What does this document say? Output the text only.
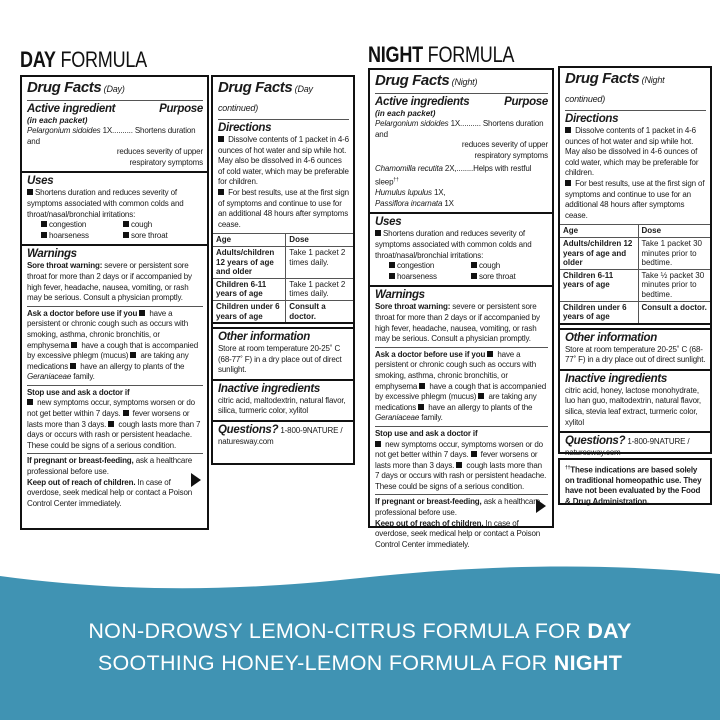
DAY FORMULA
Drug Facts (Day)
Active ingredient	Purpose
(in each packet)
Pelargonium sidoides 1X.......... Shortens duration and
reduces severity of upper
respiratory symptoms
Uses
Shortens duration and reduces severity of symptoms associated with common colds and throat/nasal/bronchial irritations:
congestion	cough
hoarseness	sore throat
Warnings
Sore throat warning: severe or persistent sore throat for more than 2 days or if accompanied by high fever, headache, nausea, vomiting, or rash may be serious. Consult a physician promptly.
Ask a doctor before use if you  have a persistent or chronic cough such as occurs with smoking, asthma, chronic bronchitis, or emphysema  have a cough that is accompanied by excessive phlegm (mucus)  are taking any medications  have an allergy to plants of the Geraniaceae family.
Stop use and ask a doctor if
new symptoms occur, symptoms worsen or do not get better within 7 days.  fever worsens or lasts more than 3 days.  cough lasts more than 7 days or occurs with rash or persistent headache. These could be signs of a serious condition.
If pregnant or breast-feeding, ask a healthcare professional before use.
Keep out of reach of children. In case of overdose, seek medical help or contact a Poison Control Center immediately.
Drug Facts (Day continued)
Directions
Dissolve contents of 1 packet in 4-6 ounces of hot water and sip while hot. May also be dissolved in 4-6 ounces of cold water, which may be preferable for children.
For best results, use at the first sign of symptoms and continue to use for an additional 48 hours after symptoms cease.
Age	Dose
Adults/children 12 years of age and older	Take 1 packet 2 times daily.
Children 6-11 years of age	Take 1 packet 2 times daily.
Children under 6 years of age	Consult a doctor.
Other information
Store at room temperature 20-25˚ C (68-77˚ F) in a dry place out of direct sunlight.
Inactive ingredients
citric acid, maltodextrin, natural flavor, silica, turmeric color, xylitol
Questions? 1-800-9NATURE / naturesway.com
NIGHT FORMULA
Drug Facts (Night)
Active ingredients	Purpose
(in each packet)
Pelargonium sidoides 1X.......... Shortens duration and
reduces severity of upper
respiratory symptoms
Chamomilla recutita 2X,........Helps with restful sleep††
Humulus lupulus 1X,
Passiflora incarnata 1X
Uses
Shortens duration and reduces severity of symptoms associated with common colds and throat/nasal/bronchial irritations:
congestion	cough
hoarseness	sore throat
Warnings
Sore throat warning: severe or persistent sore throat for more than 2 days or if accompanied by high fever, headache, nausea, vomiting, or rash may be serious. Consult a physician promptly.
Ask a doctor before use if you  have a persistent or chronic cough such as occurs with smoking, asthma, chronic bronchitis, or emphysema  have a cough that is accompanied by excessive phlegm (mucus)  are taking any medications  have an allergy to plants of the Geraniaceae family.
Stop use and ask a doctor if
new symptoms occur, symptoms worsen or do not get better within 7 days.  fever worsens or lasts more than 3 days.  cough lasts more than 7 days or occurs with rash or persistent headache. These could be signs of a serious condition.
If pregnant or breast-feeding, ask a healthcare professional before use.
Keep out of reach of children. In case of overdose, seek medical help or contact a Poison Control Center immediately.
Drug Facts (Night continued)
Directions
Dissolve contents of 1 packet in 4-6 ounces of hot water and sip while hot. May also be dissolved in 4-6 ounces of cold water, which may be preferable for children.
For best results, use at the first sign of symptoms and continue to use for an additional 48 hours after symptoms cease.
Age	Dose
Adults/children 12 years of age and older	Take 1 packet 30 minutes prior to bedtime.
Children 6-11 years of age	Take ½ packet 30 minutes prior to bedtime.
Children under 6 years of age	Consult a doctor.
Other information
Store at room temperature 20-25˚ C (68-77˚ F) in a dry place out of direct sunlight.
Inactive ingredients
citric acid, honey, lactose monohydrate, luo han guo, maltodextrin, natural flavor, silica, stevia leaf extract, turmeric color, xylitol
Questions? 1-800-9NATURE / naturesway.com
††These indications are based solely on traditional homeopathic use. They have not been evaluated by the Food & Drug Administration.
NON-DROWSY LEMON-CITRUS FORMULA FOR DAY
SOOTHING HONEY-LEMON FORMULA FOR NIGHT
